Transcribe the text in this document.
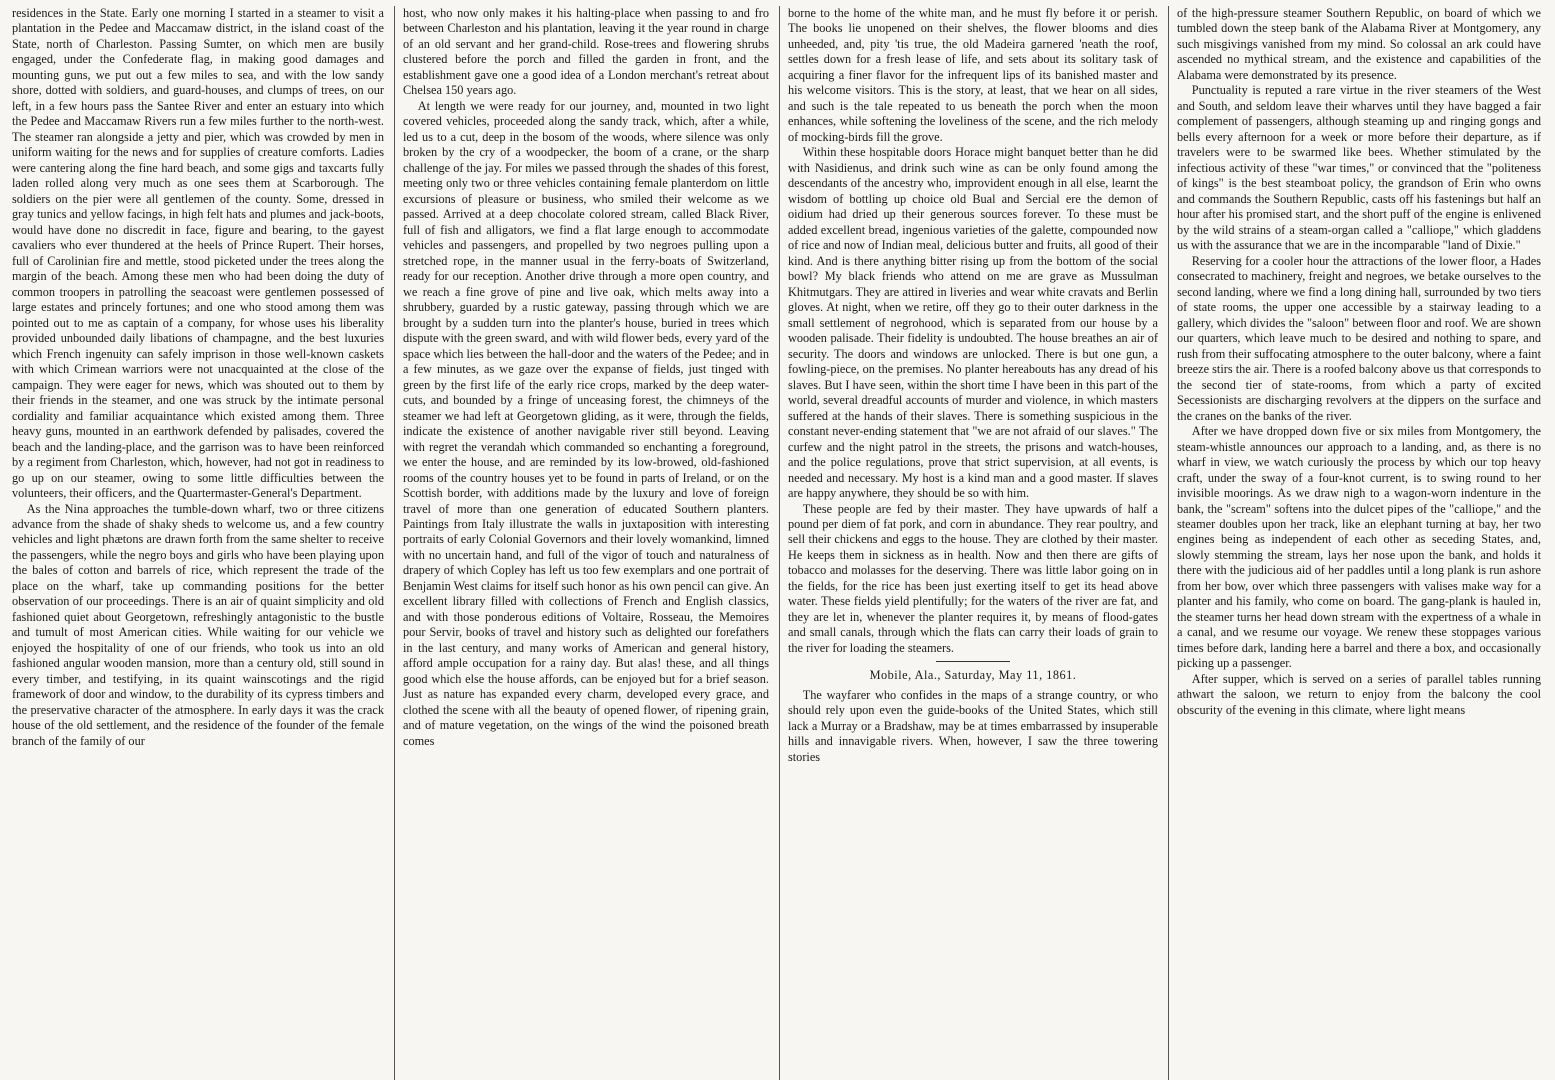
residences in the State. Early one morning I started in a steamer to visit a plantation in the Pedee and Maccamaw district, in the island coast of the State, north of Charleston. Passing Sumter, on which men are busily engaged, under the Confederate flag, in making good damages and mounting guns, we put out a few miles to sea, and with the low sandy shore, dotted with soldiers, and guard-houses, and clumps of trees, on our left, in a few hours pass the Santee River and enter an estuary into which the Pedee and Maccamaw Rivers run a few miles further to the north-west. The steamer ran alongside a jetty and pier, which was crowded by men in uniform waiting for the news and for supplies of creature comforts. Ladies were cantering along the fine hard beach, and some gigs and taxcarts fully laden rolled along very much as one sees them at Scarborough. The soldiers on the pier were all gentlemen of the county. Some, dressed in gray tunics and yellow facings, in high felt hats and plumes and jack-boots, would have done no discredit in face, figure and bearing, to the gayest cavaliers who ever thundered at the heels of Prince Rupert. Their horses, full of Carolinian fire and mettle, stood picketed under the trees along the margin of the beach. Among these men who had been doing the duty of common troopers in patrolling the seacoast were gentlemen possessed of large estates and princely fortunes; and one who stood among them was pointed out to me as captain of a company, for whose uses his liberality provided unbounded daily libations of champagne, and the best luxuries which French ingenuity can safely imprison in those well-known caskets with which Crimean warriors were not unacquainted at the close of the campaign. They were eager for news, which was shouted out to them by their friends in the steamer, and one was struck by the intimate personal cordiality and familiar acquaintance which existed among them. Three heavy guns, mounted in an earthwork defended by palisades, covered the beach and the landing-place, and the garrison was to have been reinforced by a regiment from Charleston, which, however, had not got in readiness to go up on our steamer, owing to some little difficulties between the volunteers, their officers, and the Quartermaster-General's Department.

As the Nina approaches the tumble-down wharf, two or three citizens advance from the shade of shaky sheds to welcome us, and a few country vehicles and light phætons are drawn forth from the same shelter to receive the passengers, while the negro boys and girls who have been playing upon the bales of cotton and barrels of rice, which represent the trade of the place on the wharf, take up commanding positions for the better observation of our proceedings. There is an air of quaint simplicity and old fashioned quiet about Georgetown, refreshingly antagonistic to the bustle and tumult of most American cities. While waiting for our vehicle we enjoyed the hospitality of one of our friends, who took us into an old fashioned angular wooden mansion, more than a century old, still sound in every timber, and testifying, in its quaint wainscotings and the rigid framework of door and window, to the durability of its cypress timbers and the preservative character of the atmosphere. In early days it was the crack house of the old settlement, and the residence of the founder of the female branch of the family of our

host, who now only makes it his halting-place when passing to and fro between Charleston and his plantation, leaving it the year round in charge of an old servant and her grand-child. Rose-trees and flowering shrubs clustered before the porch and filled the garden in front, and the establishment gave one a good idea of a London merchant's retreat about Chelsea 150 years ago.

At length we were ready for our journey, and, mounted in two light covered vehicles, proceeded along the sandy track, which, after a while, led us to a cut, deep in the bosom of the woods, where silence was only broken by the cry of a woodpecker, the boom of a crane, or the sharp challenge of the jay. For miles we passed through the shades of this forest, meeting only two or three vehicles containing female planterdom on little excursions of pleasure or business, who smiled their welcome as we passed. Arrived at a deep chocolate colored stream, called Black River, full of fish and alligators, we find a flat large enough to accommodate vehicles and passengers, and propelled by two negroes pulling upon a stretched rope, in the manner usual in the ferry-boats of Switzerland, ready for our reception. Another drive through a more open country, and we reach a fine grove of pine and live oak, which melts away into a shrubbery, guarded by a rustic gateway, passing through which we are brought by a sudden turn into the planter's house, buried in trees which dispute with the green sward, and with wild flower beds, every yard of the space which lies between the hall-door and the waters of the Pedee; and in a few minutes, as we gaze over the expanse of fields, just tinged with green by the first life of the early rice crops, marked by the deep water-cuts, and bounded by a fringe of unceasing forest, the chimneys of the steamer we had left at Georgetown gliding, as it were, through the fields, indicate the existence of another navigable river still beyond. Leaving with regret the verandah which commanded so enchanting a foreground, we enter the house, and are reminded by its low-browed, old-fashioned rooms of the country houses yet to be found in parts of Ireland, or on the Scottish border, with additions made by the luxury and love of foreign travel of more than one generation of educated Southern planters. Paintings from Italy illustrate the walls in juxtaposition with interesting portraits of early Colonial Governors and their lovely womankind, limned with no uncertain hand, and full of the vigor of touch and naturalness of drapery of which Copley has left us too few exemplars and one portrait of Benjamin West claims for itself such honor as his own pencil can give. An excellent library filled with collections of French and English classics, and with those ponderous editions of Voltaire, Rosseau, the Memoires pour Servir, books of travel and history such as delighted our forefathers in the last century, and many works of American and general history, afford ample occupation for a rainy day. But alas! these, and all things good which else the house affords, can be enjoyed but for a brief season. Just as nature has expanded every charm, developed every grace, and clothed the scene with all the beauty of opened flower, of ripening grain, and of mature vegetation, on the wings of the wind the poisoned breath comes

borne to the home of the white man, and he must fly before it or perish. The books lie unopened on their shelves, the flower blooms and dies unheeded, and, pity 'tis true, the old Madeira garnered 'neath the roof, settles down for a fresh lease of life, and sets about its solitary task of acquiring a finer flavor for the infrequent lips of its banished master and his welcome visitors. This is the story, at least, that we hear on all sides, and such is the tale repeated to us beneath the porch when the moon enhances, while softening the loveliness of the scene, and the rich melody of mocking-birds fill the grove.

Within these hospitable doors Horace might banquet better than he did with Nasidienus, and drink such wine as can be only found among the descendants of the ancestry who, improvident enough in all else, learnt the wisdom of bottling up choice old Bual and Sercial ere the demon of oidium had dried up their generous sources forever. To these must be added excellent bread, ingenious varieties of the galette, compounded now of rice and now of Indian meal, delicious butter and fruits, all good of their kind. And is there anything bitter rising up from the bottom of the social bowl? My black friends who attend on me are grave as Mussulman Khitmutgars. They are attired in liveries and wear white cravats and Berlin gloves. At night, when we retire, off they go to their outer darkness in the small settlement of negrohood, which is separated from our house by a wooden palisade. Their fidelity is undoubted. The house breathes an air of security. The doors and windows are unlocked. There is but one gun, a fowling-piece, on the premises. No planter hereabouts has any dread of his slaves. But I have seen, within the short time I have been in this part of the world, several dreadful accounts of murder and violence, in which masters suffered at the hands of their slaves. There is something suspicious in the constant never-ending statement that "we are not afraid of our slaves." The curfew and the night patrol in the streets, the prisons and watch-houses, and the police regulations, prove that strict supervision, at all events, is needed and necessary. My host is a kind man and a good master. If slaves are happy anywhere, they should be so with him.

These people are fed by their master. They have upwards of half a pound per diem of fat pork, and corn in abundance. They rear poultry, and sell their chickens and eggs to the house. They are clothed by their master. He keeps them in sickness as in health. Now and then there are gifts of tobacco and molasses for the deserving. There was little labor going on in the fields, for the rice has been just exerting itself to get its head above water. These fields yield plentifully; for the waters of the river are fat, and they are let in, whenever the planter requires it, by means of flood-gates and small canals, through which the flats can carry their loads of grain to the river for loading the steamers.

Mobile, Ala., Saturday, May 11, 1861.

The wayfarer who confides in the maps of a strange country, or who should rely upon even the guide-books of the United States, which still lack a Murray or a Bradshaw, may be at times embarrassed by insuperable hills and innavigable rivers. When, however, I saw the three towering stories

of the high-pressure steamer Southern Republic, on board of which we tumbled down the steep bank of the Alabama River at Montgomery, any such misgivings vanished from my mind. So colossal an ark could have ascended no mythical stream, and the existence and capabilities of the Alabama were demonstrated by its presence.

Punctuality is reputed a rare virtue in the river steamers of the West and South, and seldom leave their wharves until they have bagged a fair complement of passengers, although steaming up and ringing gongs and bells every afternoon for a week or more before their departure, as if travelers were to be swarmed like bees. Whether stimulated by the infectious activity of these "war times," or convinced that the "politeness of kings" is the best steamboat policy, the grandson of Erin who owns and commands the Southern Republic, casts off his fastenings but half an hour after his promised start, and the short puff of the engine is enlivened by the wild strains of a steam-organ called a "calliope," which gladdens us with the assurance that we are in the incomparable "land of Dixie."

Reserving for a cooler hour the attractions of the lower floor, a Hades consecrated to machinery, freight and negroes, we betake ourselves to the second landing, where we find a long dining hall, surrounded by two tiers of state rooms, the upper one accessible by a stairway leading to a gallery, which divides the "saloon" between floor and roof. We are shown our quarters, which leave much to be desired and nothing to spare, and rush from their suffocating atmosphere to the outer balcony, where a faint breeze stirs the air. There is a roofed balcony above us that corresponds to the second tier of state-rooms, from which a party of excited Secessionists are discharging revolvers at the dippers on the surface and the cranes on the banks of the river.

After we have dropped down five or six miles from Montgomery, the steam-whistle announces our approach to a landing, and, as there is no wharf in view, we watch curiously the process by which our top heavy craft, under the sway of a four-knot current, is to swing round to her invisible moorings. As we draw nigh to a wagon-worn indenture in the bank, the "scream" softens into the dulcet pipes of the "calliope," and the steamer doubles upon her track, like an elephant turning at bay, her two engines being as independent of each other as seceding States, and, slowly stemming the stream, lays her nose upon the bank, and holds it there with the judicious aid of her paddles until a long plank is run ashore from her bow, over which three passengers with valises make way for a planter and his family, who come on board. The gang-plank is hauled in, the steamer turns her head down stream with the expertness of a whale in a canal, and we resume our voyage. We renew these stoppages various times before dark, landing here a barrel and there a box, and occasionally picking up a passenger.

After supper, which is served on a series of parallel tables running athwart the saloon, we return to enjoy from the balcony the cool obscurity of the evening in this climate, where light means
